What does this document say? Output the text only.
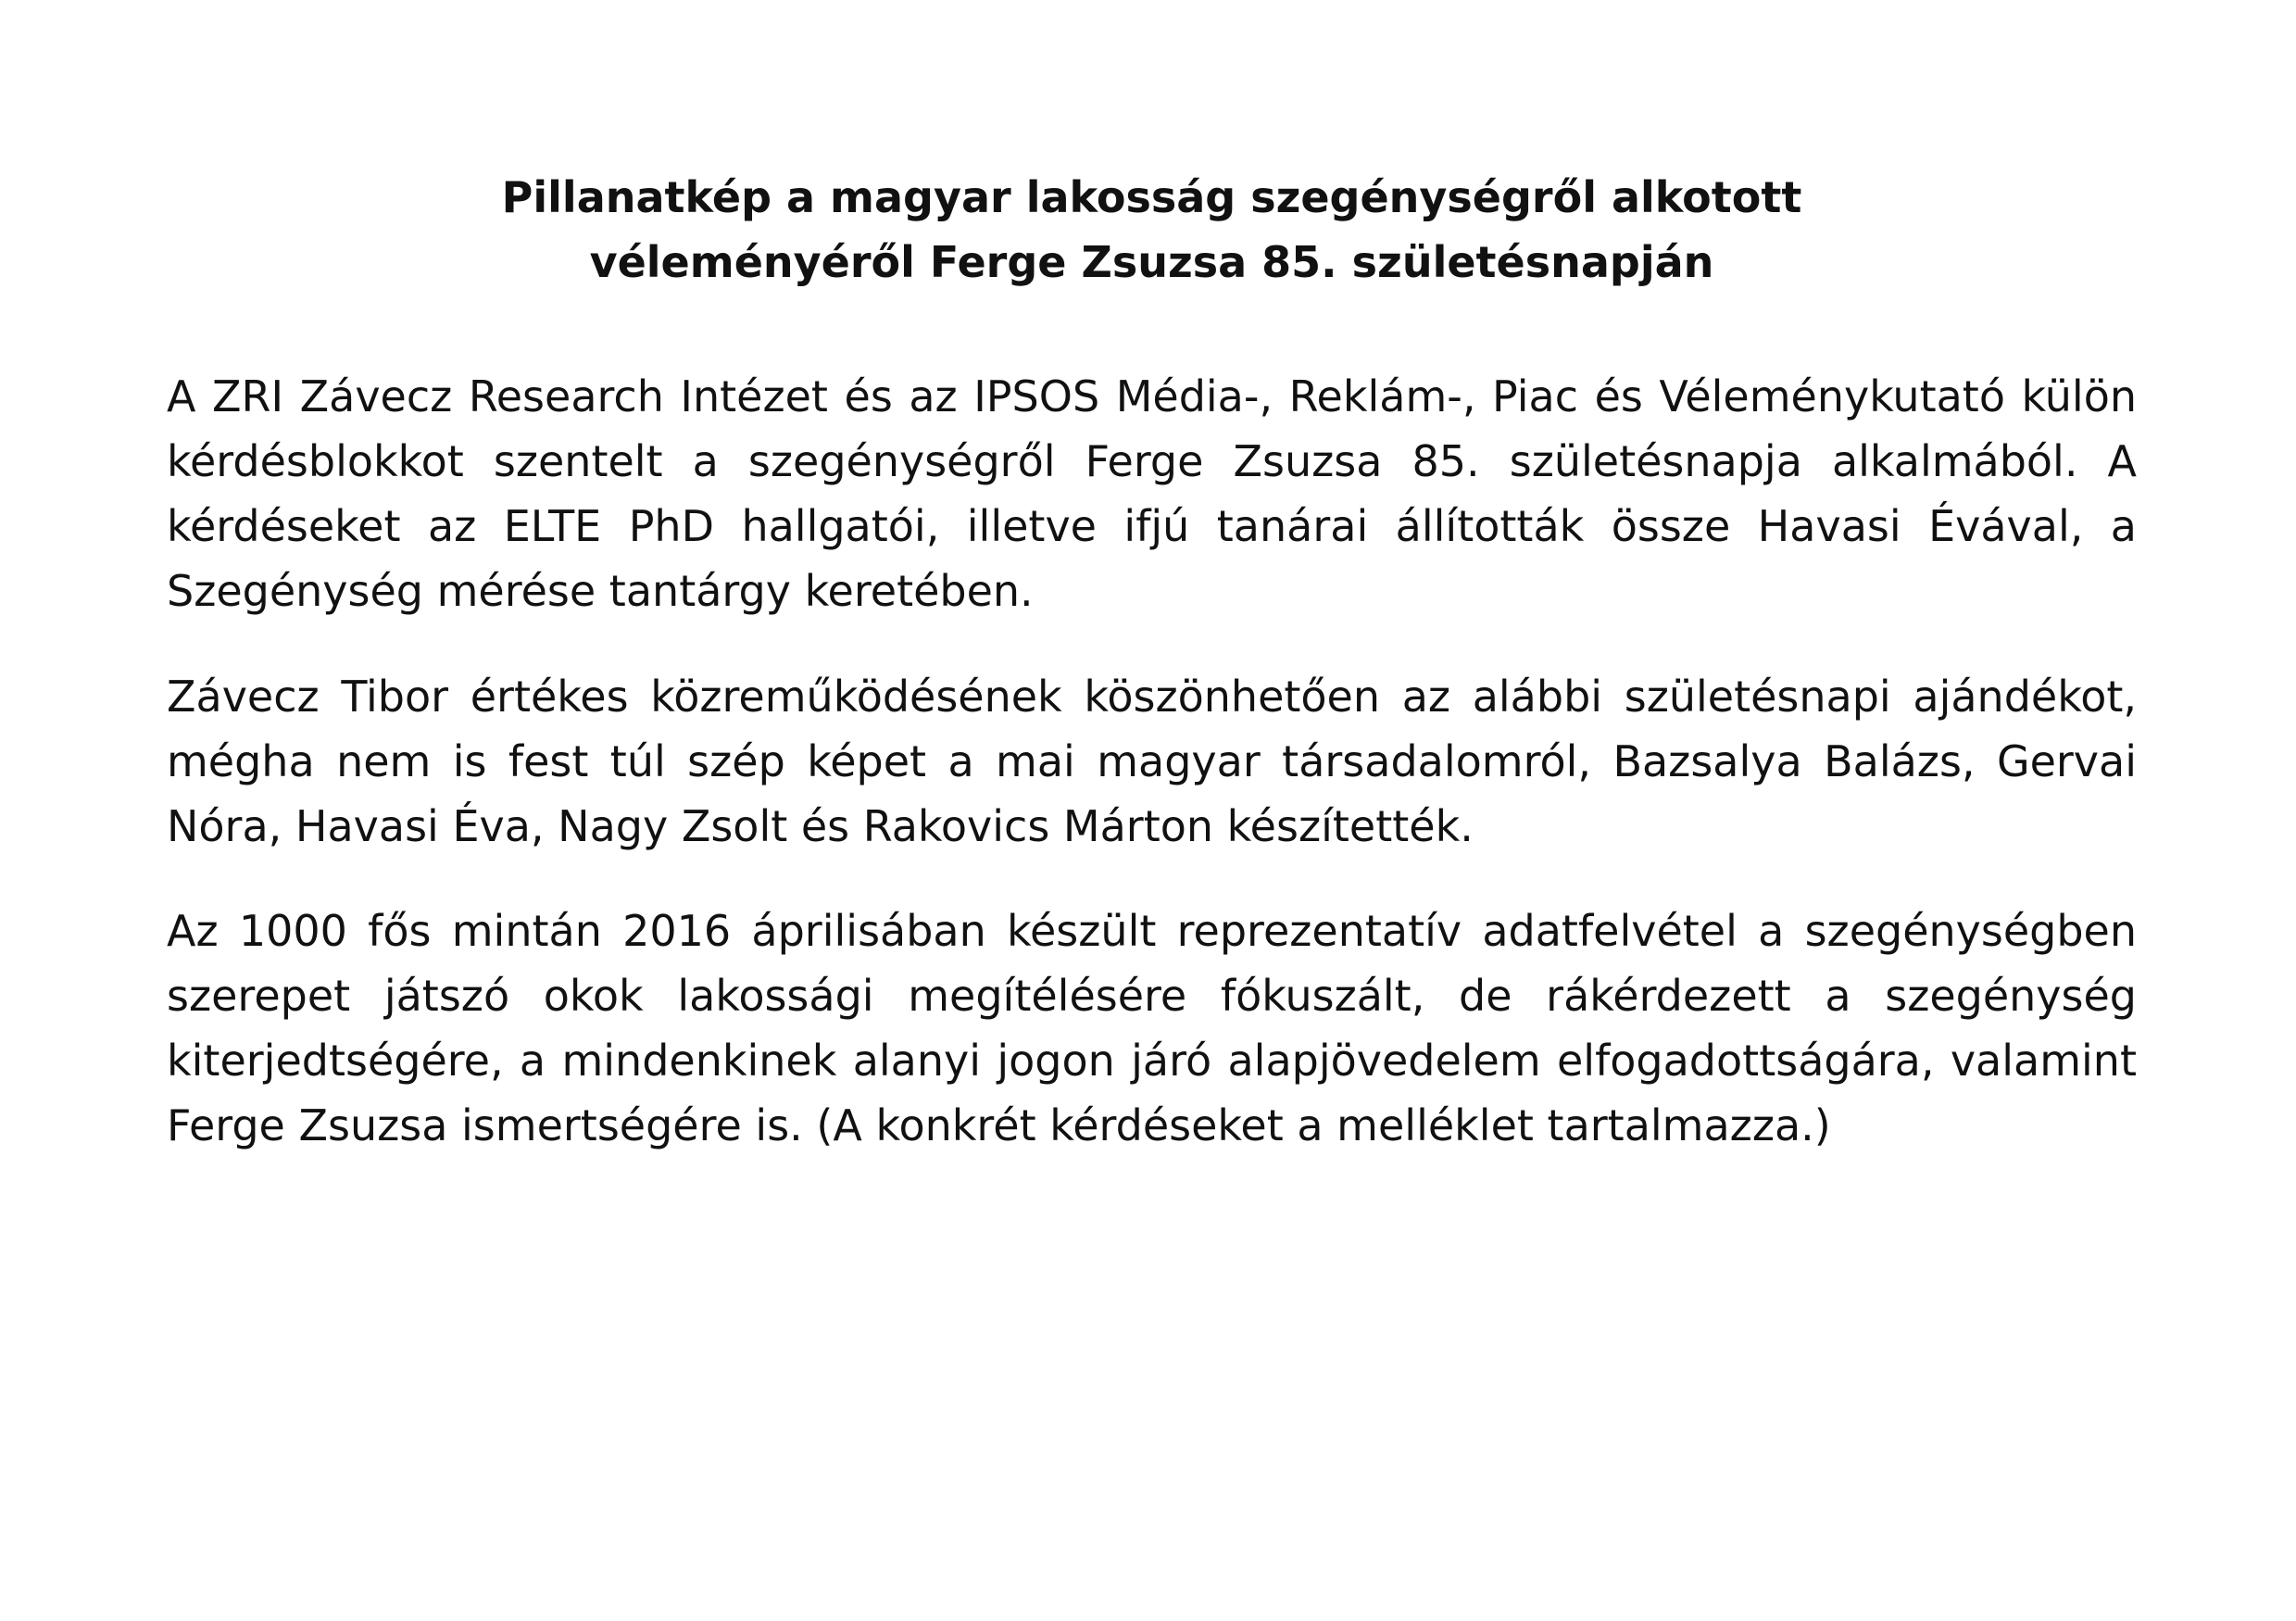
Pillanatkép a magyar lakosság szegénységről alkotott
véleményéről Ferge Zsuzsa 85. születésnapján

A ZRI Závecz Research Intézet és az IPSOS Média-, Reklám-, Piac és Véleménykutató külön kérdésblokkot szentelt a szegénységről Ferge Zsuzsa 85. születésnapja alkalmából. A kérdéseket az ELTE PhD hallgatói, illetve ifjú tanárai állították össze Havasi Évával, a Szegénység mérése tantárgy keretében.

Závecz Tibor értékes közreműködésének köszönhetően az alábbi születésnapi ajándékot, mégha nem is fest túl szép képet a mai magyar társadalomról, Bazsalya Balázs, Gervai Nóra, Havasi Éva, Nagy Zsolt és Rakovics Márton készítették.

Az 1000 fős mintán 2016 áprilisában készült reprezentatív adatfelvétel a szegénységben szerepet játszó okok lakossági megítélésére fókuszált, de rákérdezett a szegénység kiterjedtségére, a mindenkinek alanyi jogon járó alapjövedelem elfogadottságára, valamint Ferge Zsuzsa ismertségére is. (A konkrét kérdéseket a melléklet tartalmazza.)
